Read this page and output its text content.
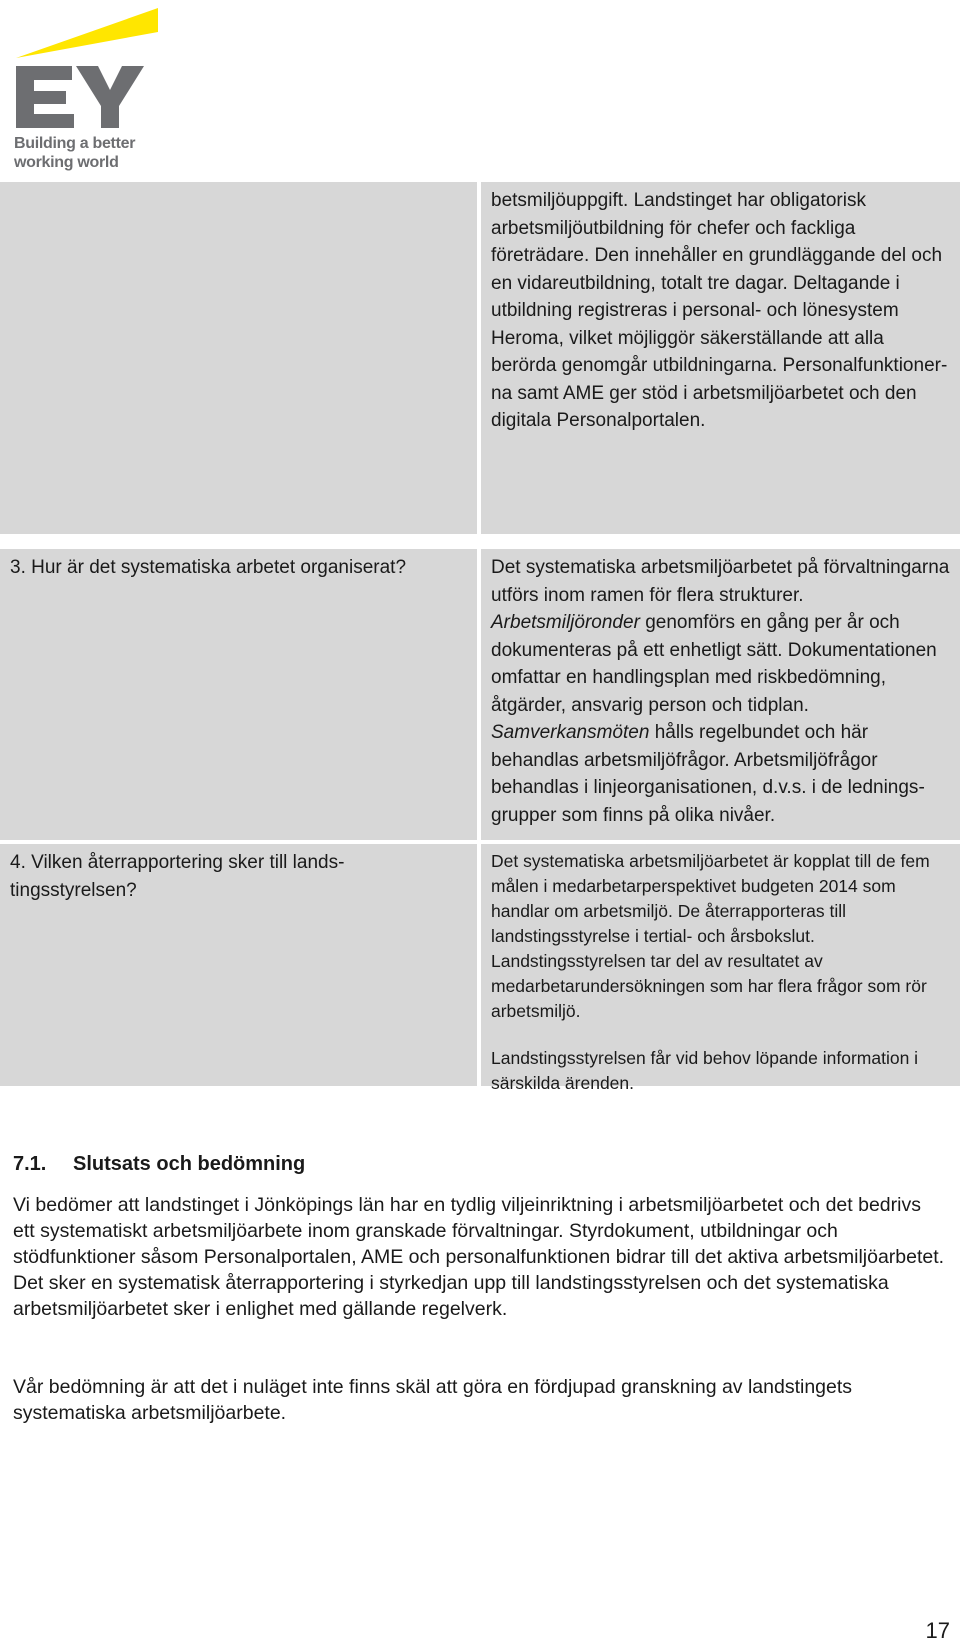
Building a better
working world

betsmiljöuppgift. Landstinget har obligatorisk arbetsmiljöutbildning för chefer och fackliga företrädare. Den innehåller en grundläggande del och en vidareutbildning, totalt tre dagar. Deltagande i utbildning registreras i personal- och lönesystem Heroma, vilket möjliggör säkerställande att alla berörda genomgår utbildningarna. Personalfunktionerna samt AME ger stöd i arbetsmiljöarbetet och den digitala Personalportalen.

3. Hur är det systematiska arbetet organiserat?	Det systematiska arbetsmiljöarbetet på förvaltningarna utförs inom ramen för flera strukturer. Arbetsmiljöronder genomförs en gång per år och dokumenteras på ett enhetligt sätt. Dokumentationen omfattar en handlingsplan med riskbedömning, åtgärder, ansvarig person och tidplan. Samverkansmöten hålls regelbundet och här behandlas arbetsmiljöfrågor. Arbetsmiljöfrågor behandlas i linjeorganisationen, d.v.s. i de ledningsgrupper som finns på olika nivåer.

4. Vilken återrapportering sker till landstingsstyrelsen?

Det systematiska arbetsmiljöarbetet är kopplat till de fem målen i medarbetarperspektivet budgeten 2014 som handlar om arbetsmiljö. De återrapporteras till landstingsstyrelse i tertial- och årsbokslut. Landstingsstyrelsen tar del av resultatet av medarbetarundersökningen som har flera frågor som rör arbetsmiljö.

Landstingsstyrelsen får vid behov löpande information i särskilda ärenden.

7.1. Slutsats och bedömning

Vi bedömer att landstinget i Jönköpings län har en tydlig viljeinriktning i arbetsmiljöarbetet och det bedrivs ett systematiskt arbetsmiljöarbete inom granskade förvaltningar. Styrdokument, utbildningar och stödfunktioner såsom Personalportalen, AME och personalfunktionen bidrar till det aktiva arbetsmiljöarbetet. Det sker en systematisk återrapportering i styrkedjan upp till landstingsstyrelsen och det systematiska arbetsmiljöarbetet sker i enlighet med gällande regelverk.

Vår bedömning är att det i nuläget inte finns skäl att göra en fördjupad granskning av landstingets systematiska arbetsmiljöarbete.

17
